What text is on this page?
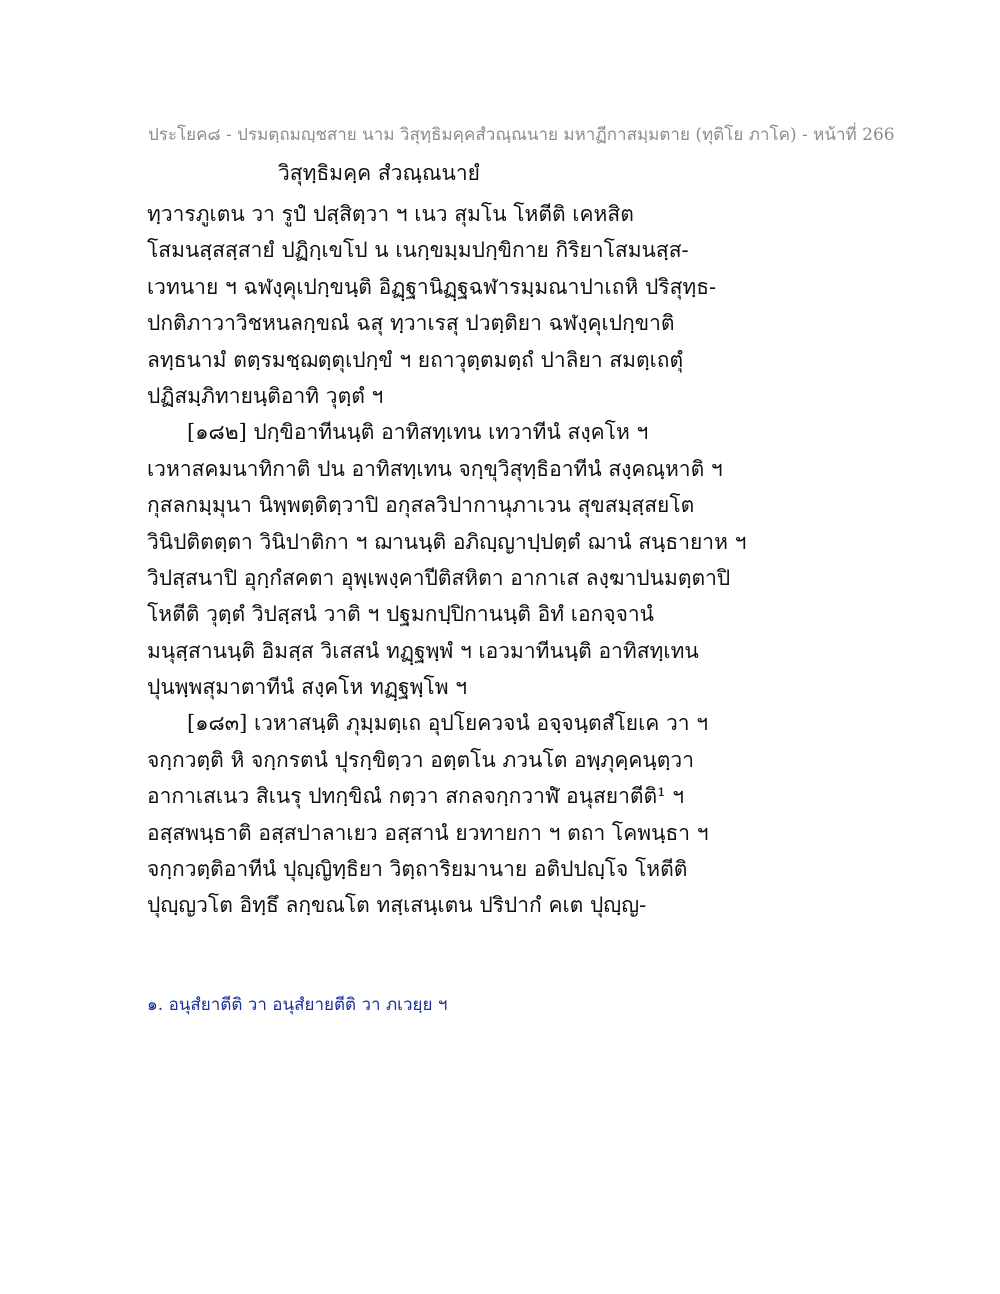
ประโยค๘ - ปรมตฺถมญฺชสาย นาม วิสุทฺธิมคฺคสํวณฺณนาย มหาฏีกาสมฺมตาย (ทุติโย ภาโค) - หน้าที่ 266
วิสุทฺธิมคฺค สํวณฺณนายํ
ทฺวารภูเตน วา รูปํ ปสฺสิตฺวา ฯ เนว สุมโน โหตีติ เคหสิต
โสมนสฺสสฺสายํ ปฏิกฺเขโป น เนกฺขมฺมปกฺขิกาย กิริยาโสมนสฺส-
เวทนาย ฯ ฉฬงฺคุเปกฺขนฺติ อิฏฺฐานิฏฺฐฉฬารมฺมณาปาเถหิ ปริสุทฺธ-
ปกติภาวาวิชหนลกฺขณํ ฉสุ ทฺวาเรสุ ปวตฺติยา ฉฬงฺคุเปกฺขาติ
ลทฺธนามํ ตตฺรมชฺฌตฺตุเปกฺขํ ฯ ยถาวุตฺตมตฺถํ ปาลิยา สมตฺเถตุํ
ปฏิสมฺภิทายนฺติอาทิ วุตฺตํ ฯ
[๑๘๒] ปกฺขิอาทีนนฺติ อาทิสทฺเทน เทวาทีนํ สงฺคโห ฯ
เวหาสคมนาทิกาติ ปน อาทิสทฺเทน จกฺขุวิสุทฺธิอาทีนํ สงฺคณฺหาติ ฯ
กุสลกมฺมุนา นิพฺพตฺติตฺวาปิ อกุสลวิปากานุภาเวน สุขสมฺสฺสยโต
วินิปติตตฺตา วินิปาติกา ฯ ฌานนฺติ อภิญฺญาปฺปตฺตํ ฌานํ สนฺธายาห ฯ
วิปสฺสนาปิ อุกฺกํสคตา อุพฺเพงฺคาปีติสหิตา อากาเส ลงฺฆาปนมตฺตาปิ
โหตีติ วุตฺตํ วิปสฺสนํ วาติ ฯ ปฐมกปฺปิกานนฺติ อิทํ เอกจฺจานํ
มนุสฺสานนฺติ อิมสฺส วิเสสนํ ทฏฺฐพฺพํ ฯ เอวมาทีนนฺติ อาทิสทฺเทน
ปุนพฺพสุมาตาทีนํ สงฺคโห ทฏฺฐพฺโพ ฯ
[๑๘๓] เวหาสนฺติ ภุมฺมตฺเถ อุปโยควจนํ อจฺจนฺตสํโยเค วา ฯ
จกฺกวตฺติ หิ จกฺกรตนํ ปุรกฺขิตฺวา อตฺตโน ภวนโต อพฺภุคฺคนฺตฺวา
อากาเสเนว สิเนรุ ปทกฺขิณํ กตฺวา สกลจกฺกวาฬํ อนุสยาตีติ¹ ฯ
อสฺสพนฺธาติ อสฺสปาลาเยว อสฺสานํ ยวทายกา ฯ ตถา โคพนฺธา ฯ
จกฺกวตฺติอาทีนํ ปุญฺญิทฺธิยา วิตฺถาริยมานาย อติปปญฺโจ โหตีติ
ปุญฺญวโต อิทฺธึ ลกฺขณโต ทสฺเสนฺเตน ปริปากํ คเต ปุญฺญ-
๑. อนุสํยาตีติ วา อนุสํยายตีติ วา ภเวยฺย ฯ
